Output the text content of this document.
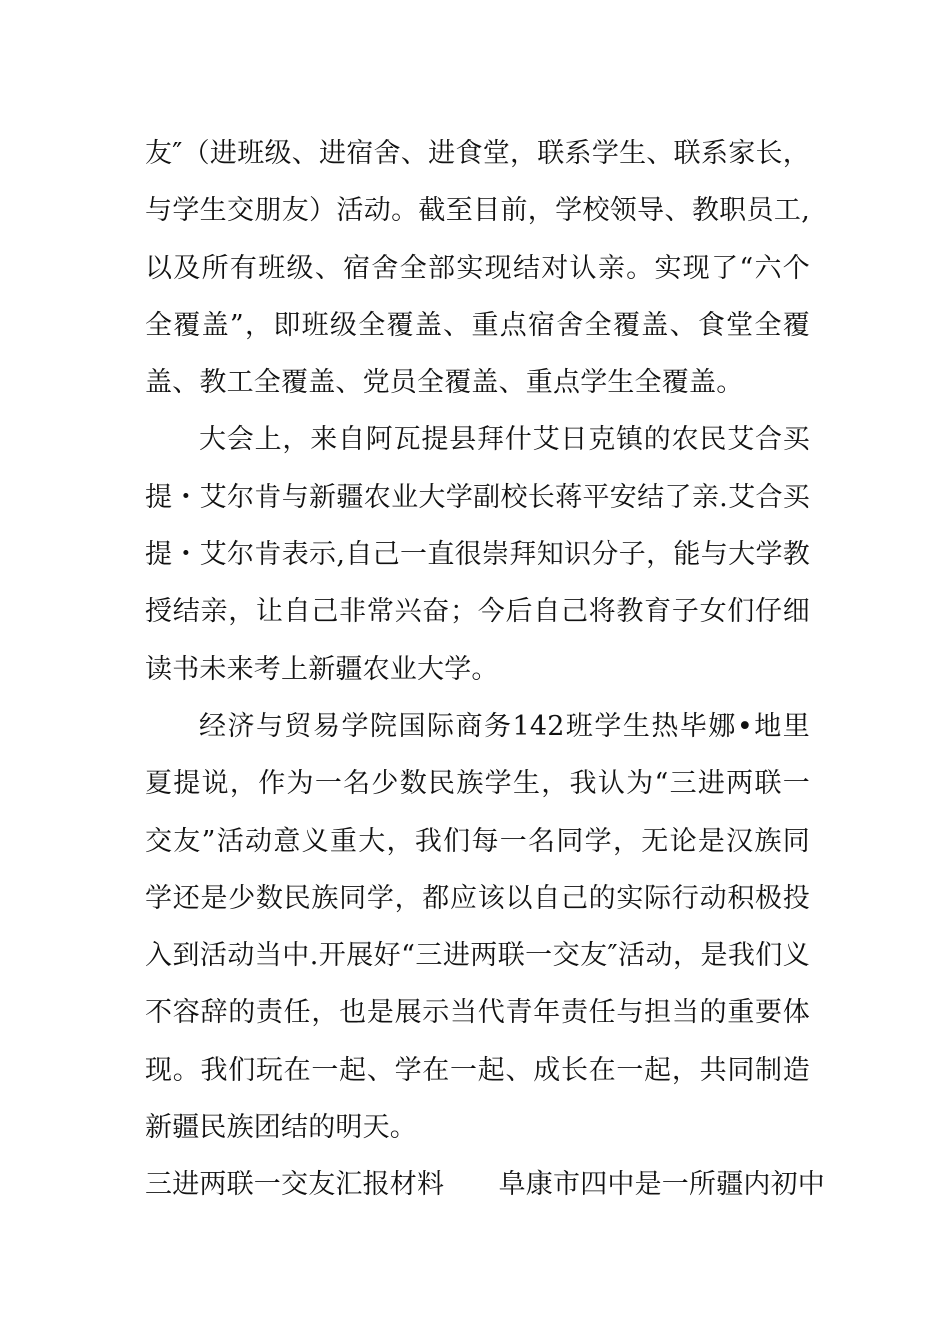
友″（进班级、进宿舍、进食堂，联系学生、联系家长，与学生交朋友）活动。截至目前，学校领导、教职员工,以及所有班级、宿舍全部实现结对认亲。实现了“六个全覆盖”，即班级全覆盖、重点宿舍全覆盖、食堂全覆盖、教工全覆盖、党员全覆盖、重点学生全覆盖。

大会上，来自阿瓦提县拜什艾日克镇的农民艾合买提・艾尔肯与新疆农业大学副校长蒋平安结了亲.艾合买提・艾尔肯表示,自己一直很崇拜知识分子，能与大学教授结亲，让自己非常兴奋；今后自己将教育子女们仔细读书未来考上新疆农业大学。

经济与贸易学院国际商务142班学生热毕娜•地里夏提说，作为一名少数民族学生，我认为“三进两联一交友”活动意义重大，我们每一名同学，无论是汉族同学还是少数民族同学，都应该以自己的实际行动积极投入到活动当中.开展好“三进两联一交友″活动，是我们义不容辞的责任，也是展示当代青年责任与担当的重要体现。我们玩在一起、学在一起、成长在一起，共同制造新疆民族团结的明天。

三进两联一交友汇报材料　　阜康市四中是一所疆内初中
